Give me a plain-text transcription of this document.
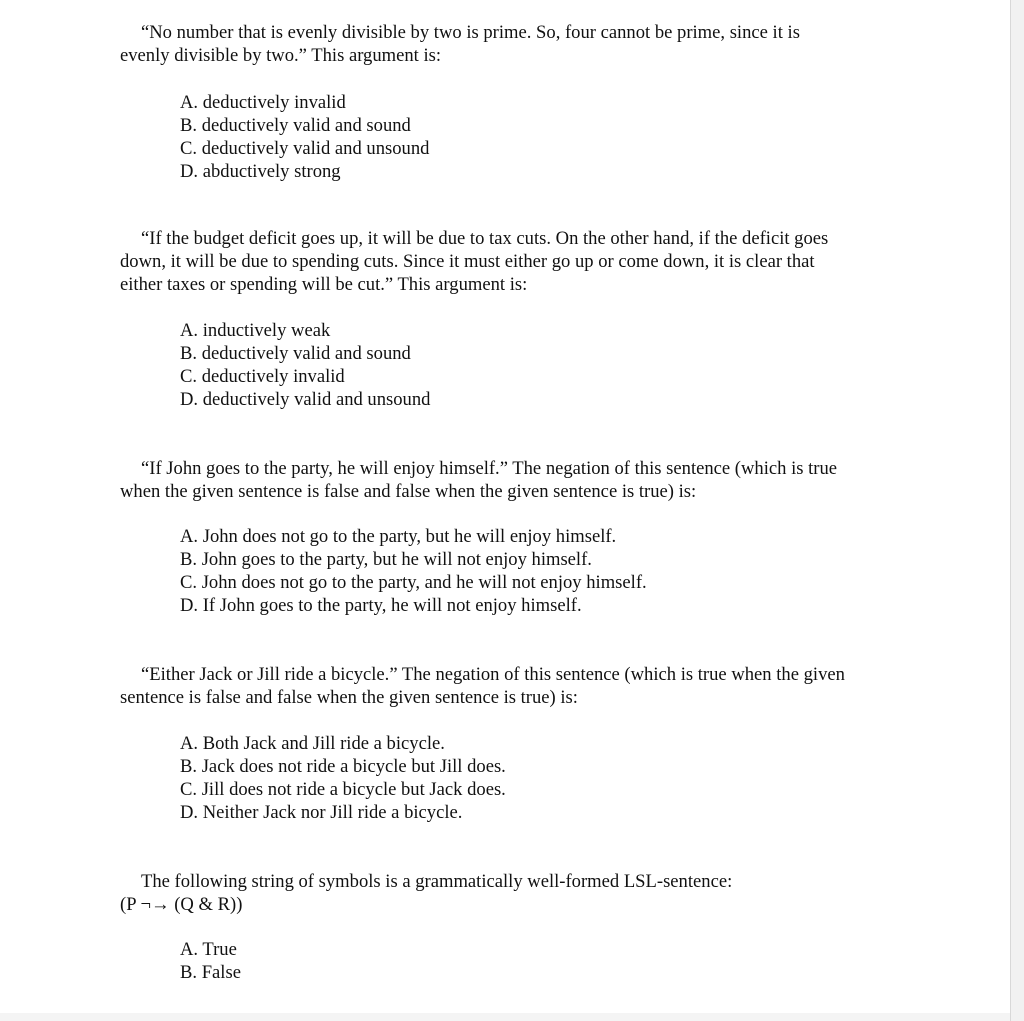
“No number that is evenly divisible by two is prime. So, four cannot be prime, since it is
evenly divisible by two.” This argument is:

A. deductively invalid
B. deductively valid and sound
C. deductively valid and unsound
D. abductively strong

“If the budget deficit goes up, it will be due to tax cuts. On the other hand, if the deficit goes
down, it will be due to spending cuts. Since it must either go up or come down, it is clear that
either taxes or spending will be cut.” This argument is:

A. inductively weak
B. deductively valid and sound
C. deductively invalid
D. deductively valid and unsound

“If John goes to the party, he will enjoy himself.” The negation of this sentence (which is true
when the given sentence is false and false when the given sentence is true) is:

A. John does not go to the party, but he will enjoy himself.
B. John goes to the party, but he will not enjoy himself.
C. John does not go to the party, and he will not enjoy himself.
D. If John goes to the party, he will not enjoy himself.

“Either Jack or Jill ride a bicycle.” The negation of this sentence (which is true when the given
sentence is false and false when the given sentence is true) is:

A. Both Jack and Jill ride a bicycle.
B. Jack does not ride a bicycle but Jill does.
C. Jill does not ride a bicycle but Jack does.
D. Neither Jack nor Jill ride a bicycle.

The following string of symbols is a grammatically well-formed LSL-sentence:

(P ¬→ (Q & R))
A. True
B. False
